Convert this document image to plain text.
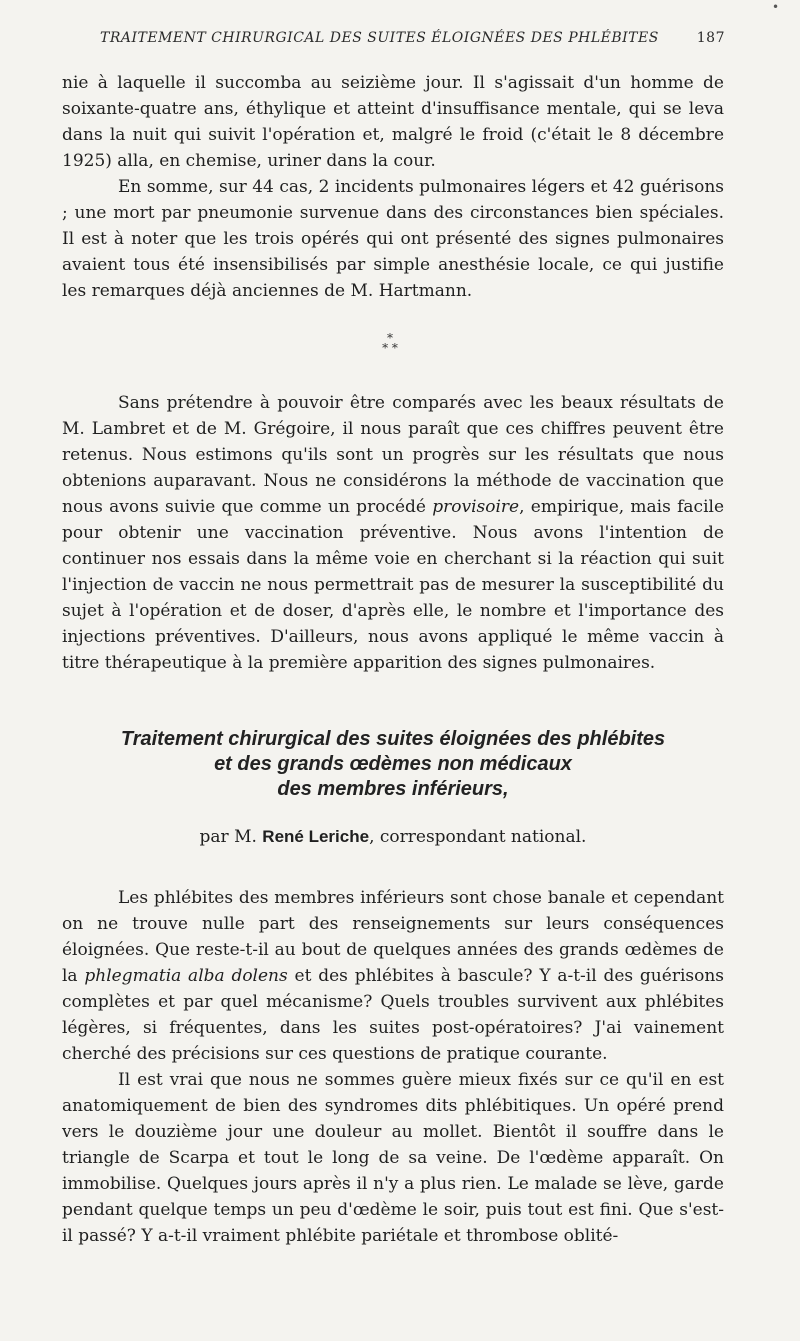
•
TRAITEMENT CHIRURGICAL DES SUITES ÉLOIGNÉES DES PHLÉBITES	187

nie à laquelle il succomba au seizième jour. Il s'agissait d'un homme de soixante-quatre ans, éthylique et atteint d'insuffisance mentale, qui se leva dans la nuit qui suivit l'opération et, malgré le froid (c'était le 8 décembre 1925) alla, en chemise, uriner dans la cour.

En somme, sur 44 cas, 2 incidents pulmonaires légers et 42 guérisons ; une mort par pneumonie survenue dans des circonstances bien spéciales. Il est à noter que les trois opérés qui ont présenté des signes pulmonaires avaient tous été insensibilisés par simple anesthésie locale, ce qui justifie les remarques déjà anciennes de M. Hartmann.

*
* *

Sans prétendre à pouvoir être comparés avec les beaux résultats de M. Lambret et de M. Grégoire, il nous paraît que ces chiffres peuvent être retenus. Nous estimons qu'ils sont un progrès sur les résultats que nous obtenions auparavant. Nous ne considérons la méthode de vaccination que nous avons suivie que comme un procédé provisoire, empirique, mais facile pour obtenir une vaccination préventive. Nous avons l'intention de continuer nos essais dans la même voie en cherchant si la réaction qui suit l'injection de vaccin ne nous permettrait pas de mesurer la susceptibilité du sujet à l'opération et de doser, d'après elle, le nombre et l'importance des injections préventives. D'ailleurs, nous avons appliqué le même vaccin à titre thérapeutique à la première apparition des signes pulmonaires.

Traitement chirurgical des suites éloignées des phlébites
et des grands œdèmes non médicaux
des membres inférieurs,
par M. René Leriche, correspondant national.

Les phlébites des membres inférieurs sont chose banale et cependant on ne trouve nulle part des renseignements sur leurs conséquences éloignées. Que reste-t-il au bout de quelques années des grands œdèmes de la phlegmatia alba dolens et des phlébites à bascule? Y a-t-il des guérisons complètes et par quel mécanisme? Quels troubles survivent aux phlébites légères, si fréquentes, dans les suites post-opératoires? J'ai vainement cherché des précisions sur ces questions de pratique courante.

Il est vrai que nous ne sommes guère mieux fixés sur ce qu'il en est anatomiquement de bien des syndromes dits phlébitiques. Un opéré prend vers le douzième jour une douleur au mollet. Bientôt il souffre dans le triangle de Scarpa et tout le long de sa veine. De l'œdème apparaît. On immobilise. Quelques jours après il n'y a plus rien. Le malade se lève, garde pendant quelque temps un peu d'œdème le soir, puis tout est fini. Que s'est-il passé? Y a-t-il vraiment phlébite pariétale et thrombose oblité-
